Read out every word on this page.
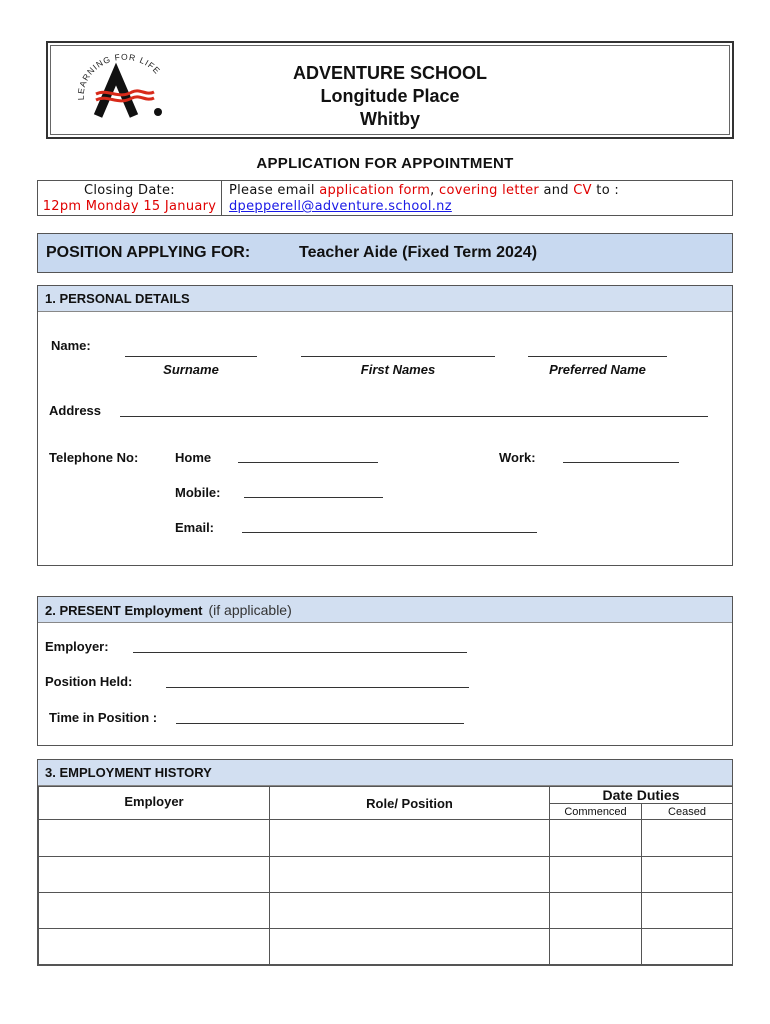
LEARNING FOR LIFE	ADVENTURE SCHOOL
Longitude Place
Whitby
APPLICATION FOR APPOINTMENT
Closing Date:
12pm Monday 15 January
Please email application form, covering letter and CV to :
dpepperell@adventure.school.nz
POSITION APPLYING FOR:	Teacher Aide (Fixed Term 2024)
1. PERSONAL DETAILS
Name:
Surname	First Names	Preferred Name
Address
Telephone No:	Home	Work:
Mobile:
Email:
2. PRESENT Employment (if applicable)
Employer:
Position Held:
Time in Position :
3. EMPLOYMENT HISTORY
Employer	Role/ Position	Date Duties	
		Commenced	Ceased
